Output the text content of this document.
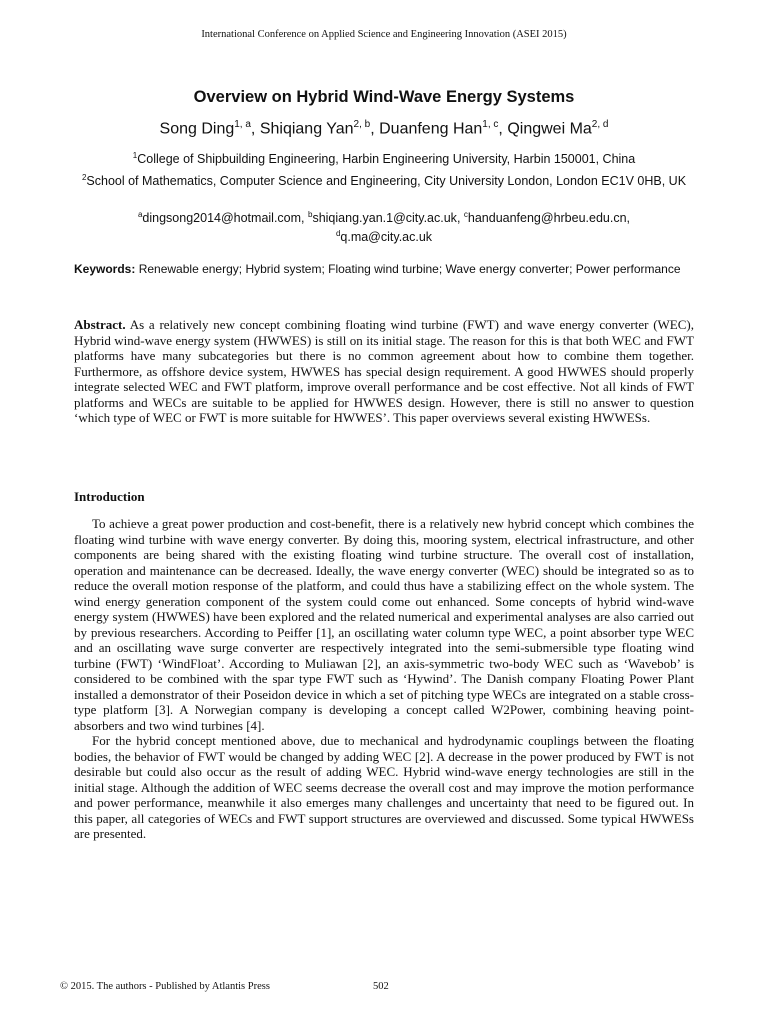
International Conference on Applied Science and Engineering Innovation (ASEI 2015)
Overview on Hybrid Wind-Wave Energy Systems
Song Ding$^{1, a}$, Shiqiang Yan$^{2, b}$, Duanfeng Han$^{1, c}$, Qingwei Ma$^{2, d}$
$^1$College of Shipbuilding Engineering, Harbin Engineering University, Harbin 150001, China
$^2$School of Mathematics, Computer Science and Engineering, City University London, London EC1V 0HB, UK
$^a$dingsong2014@hotmail.com, $^b$shiqiang.yan.1@city.ac.uk, $^c$handuanfeng@hrbeu.edu.cn,
$^d$q.ma@city.ac.uk
Keywords: Renewable energy; Hybrid system; Floating wind turbine; Wave energy converter; Power performance
Abstract. As a relatively new concept combining floating wind turbine (FWT) and wave energy converter (WEC), Hybrid wind-wave energy system (HWWES) is still on its initial stage. The reason for this is that both WEC and FWT platforms have many subcategories but there is no common agreement about how to combine them together. Furthermore, as offshore device system, HWWES has special design requirement. A good HWWES should properly integrate selected WEC and FWT platform, improve overall performance and be cost effective. Not all kinds of FWT platforms and WECs are suitable to be applied for HWWES design. However, there is still no answer to question ‘which type of WEC or FWT is more suitable for HWWES’. This paper overviews several existing HWWESs.
Introduction

To achieve a great power production and cost-benefit, there is a relatively new hybrid concept which combines the floating wind turbine with wave energy converter. By doing this, mooring system, electrical infrastructure, and other components are being shared with the existing floating wind turbine structure. The overall cost of installation, operation and maintenance can be decreased. Ideally, the wave energy converter (WEC) should be integrated so as to reduce the overall motion response of the platform, and could thus have a stabilizing effect on the whole system. The wind energy generation component of the system could come out enhanced. Some concepts of hybrid wind-wave energy system (HWWES) have been explored and the related numerical and experimental analyses are also carried out by previous researchers. According to Peiffer [1], an oscillating water column type WEC, a point absorber type WEC and an oscillating wave surge converter are respectively integrated into the semi-submersible type floating wind turbine (FWT) ‘WindFloat’. According to Muliawan [2], an axis-symmetric two-body WEC such as ‘Wavebob’ is considered to be combined with the spar type FWT such as ‘Hywind’. The Danish company Floating Power Plant installed a demonstrator of their Poseidon device in which a set of pitching type WECs are integrated on a stable cross-type platform [3]. A Norwegian company is developing a concept called W2Power, combining heaving point-absorbers and two wind turbines [4].

For the hybrid concept mentioned above, due to mechanical and hydrodynamic couplings between the floating bodies, the behavior of FWT would be changed by adding WEC [2]. A decrease in the power produced by FWT is not desirable but could also occur as the result of adding WEC. Hybrid wind-wave energy technologies are still in the initial stage. Although the addition of WEC seems decrease the overall cost and may improve the motion performance and power performance, meanwhile it also emerges many challenges and uncertainty that need to be figured out. In this paper, all categories of WECs and FWT support structures are overviewed and discussed. Some typical HWWESs are presented.

© 2015. The authors - Published by Atlantis Press	502
